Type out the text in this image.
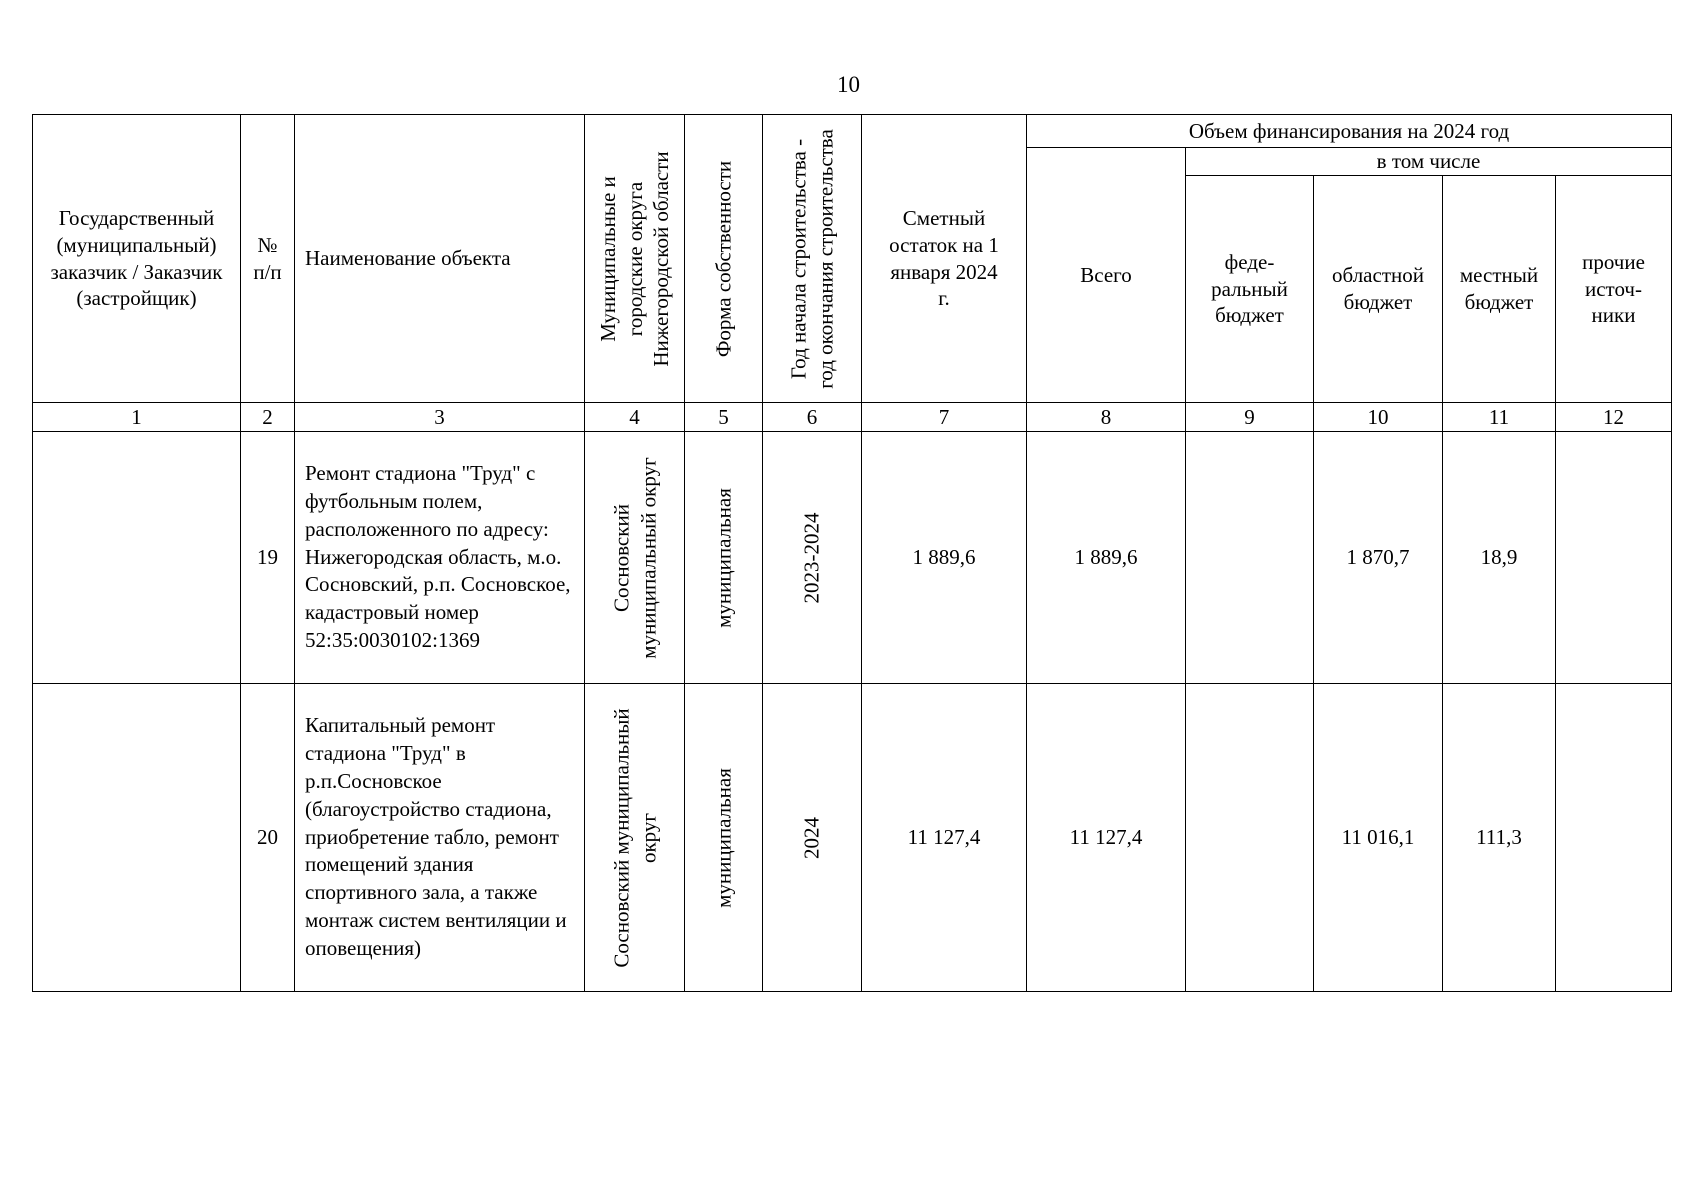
10
Государственный (муниципальный) заказчик / Заказчик (застройщик)	№ п/п	Наименование объекта	Муниципальные и городские округа Нижегородской области	Форма собственности	Год начала строительства - год окончания строительства	Сметный остаток на 1 января 2024 г.	Объем финансирования на 2024 год				
							Всего	в том числе			
								феде-ральный бюджет	областной бюджет	местный бюджет	прочие источ-ники
1	2	3	4	5	6	7	8	9	10	11	12
	19	Ремонт стадиона "Труд" с футбольным полем, расположенного по адресу: Нижегородская область, м.о. Сосновский, р.п. Сосновское, кадастровый номер 52:35:0030102:1369	Сосновский муниципальный округ	муниципальная	2023-2024	1 889,6	1 889,6		1 870,7	18,9	
	20	Капитальный ремонт стадиона "Труд" в р.п.Сосновское (благоустройство стадиона, приобретение табло, ремонт помещений здания спортивного зала, а также монтаж систем вентиляции и оповещения)	Сосновский муниципальный округ	муниципальная	2024	11 127,4	11 127,4		11 016,1	111,3	
